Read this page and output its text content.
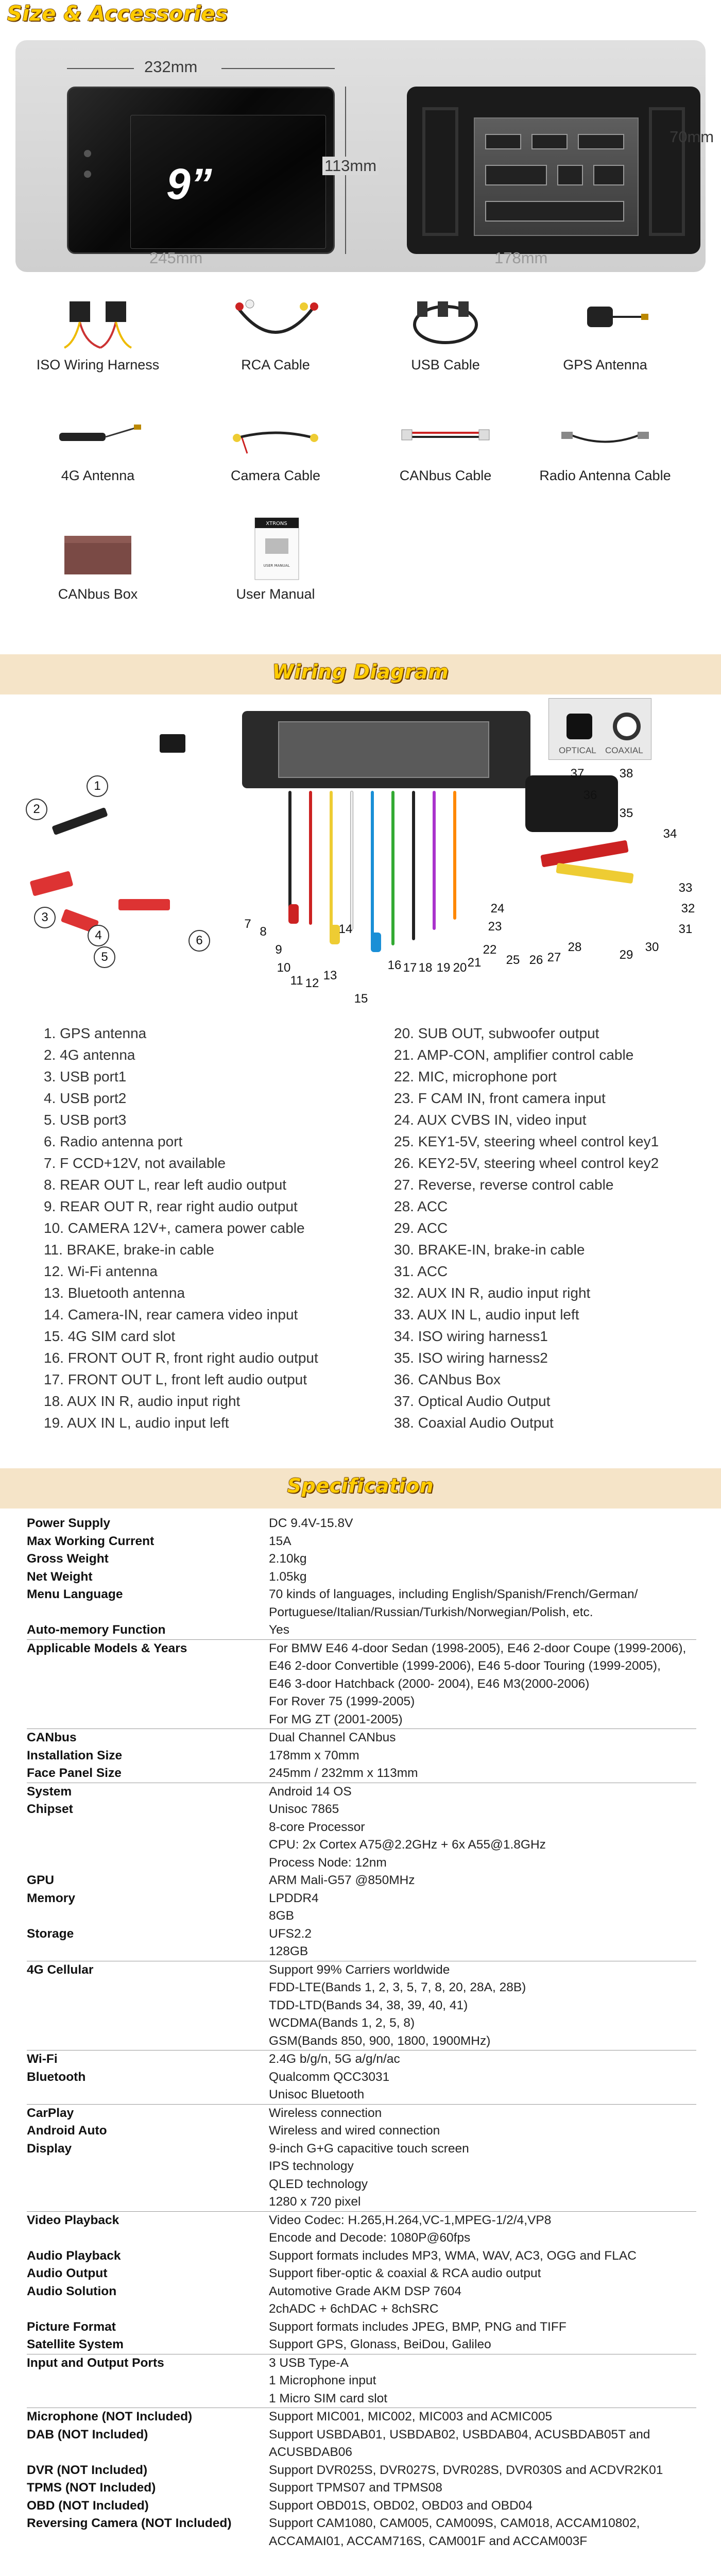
Size & Accessories
232mm
9”	113mm
245mm
70mm
178mm
ISO Wiring Harness	RCA Cable	USB Cable	GPS Antenna
4G Antenna	Camera Cable	CANbus Cable	Radio Antenna Cable
CANbus Box
XTRONS
USER MANUAL
User Manual
Wiring Diagram
OPTICAL COAXIAL
1
2
3
4
5
6
7
8
9
10
11 12
13
14
15
16 17 18 19 20 21
22
23
24
25 26 27
28
29
30
31
32
33
34
35
36
37	38
1. GPS antenna
2. 4G antenna
3. USB port1
4. USB port2
5. USB port3
6. Radio antenna port
7. F CCD+12V, not available
8. REAR OUT L, rear left audio output
9. REAR OUT R, rear right audio output
10. CAMERA 12V+, camera power cable
11. BRAKE, brake-in cable
12. Wi-Fi antenna
13. Bluetooth antenna
14. Camera-IN, rear camera video input
15. 4G SIM card slot
16. FRONT OUT R, front right audio output
17. FRONT OUT L, front left audio output
18. AUX IN R, audio input right
19. AUX IN L, audio input left
20. SUB OUT, subwoofer output
21. AMP-CON, amplifier control cable
22. MIC, microphone port
23. F CAM IN, front camera input
24. AUX CVBS IN, video input
25. KEY1-5V, steering wheel control key1
26. KEY2-5V, steering wheel control key2
27. Reverse, reverse control cable
28. ACC
29. ACC
30. BRAKE-IN, brake-in cable
31. ACC
32. AUX IN R, audio input right
33. AUX IN L, audio input left
34. ISO wiring harness1
35. ISO wiring harness2
36. CANbus Box
37. Optical Audio Output
38. Coaxial Audio Output
Specification
Power Supply	DC 9.4V-15.8V
Max Working Current	15A
Gross Weight	2.10kg
Net Weight	1.05kg
Menu Language	70 kinds of languages, including English/Spanish/French/German/
Portuguese/Italian/Russian/Turkish/Norwegian/Polish, etc.
Auto-memory Function	Yes
Applicable Models & Years	For BMW E46 4-door Sedan (1998-2005), E46 2-door Coupe (1999-2006),
E46 2-door Convertible (1999-2006), E46 5-door Touring (1999-2005),
E46 3-door Hatchback (2000- 2004), E46 M3(2000-2006)
For Rover 75 (1999-2005)
For MG ZT (2001-2005)
CANbus	Dual Channel CANbus
Installation Size	178mm x 70mm
Face Panel Size	245mm / 232mm x 113mm
System	Android 14 OS
Chipset	Unisoc 7865
8-core Processor
CPU: 2x Cortex A75@2.2GHz + 6x A55@1.8GHz
Process Node: 12nm
GPU	ARM Mali-G57 @850MHz
Memory	LPDDR4
8GB
Storage	UFS2.2
128GB
4G Cellular	Support 99% Carriers worldwide
FDD-LTE(Bands 1, 2, 3, 5, 7, 8, 20, 28A, 28B)
TDD-LTD(Bands 34, 38, 39, 40, 41)
WCDMA(Bands 1, 2, 5, 8)
GSM(Bands 850, 900, 1800, 1900MHz)
Wi-Fi	2.4G b/g/n, 5G a/g/n/ac
Bluetooth	Qualcomm QCC3031
Unisoc Bluetooth
CarPlay	Wireless connection
Android Auto	Wireless and wired connection
Display	9-inch G+G capacitive touch screen
IPS technology
QLED technology
1280 x 720 pixel
Video Playback	Video Codec: H.265,H.264,VC-1,MPEG-1/2/4,VP8
Encode and Decode: 1080P@60fps
Audio Playback	Support formats includes MP3, WMA, WAV, AC3, OGG and FLAC
Audio Output	Support fiber-optic & coaxial & RCA audio output
Audio Solution	Automotive Grade AKM DSP 7604
2chADC + 6chDAC + 8chSRC
Picture Format	Support formats includes JPEG, BMP, PNG and TIFF
Satellite System	Support GPS, Glonass, BeiDou, Galileo
Input and Output Ports	3 USB Type-A
1 Microphone input
1 Micro SIM card slot
Microphone (NOT Included)	Support MIC001, MIC002, MIC003 and ACMIC005
DAB (NOT Included)	Support USBDAB01, USBDAB02, USBDAB04, ACUSBDAB05T and
ACUSBDAB06
DVR (NOT Included)	Support DVR025S, DVR027S, DVR028S, DVR030S and ACDVR2K01
TPMS (NOT Included)	Support TPMS07 and TPMS08
OBD (NOT Included)	Support OBD01S, OBD02, OBD03 and OBD04
Reversing Camera (NOT Included)	Support CAM1080, CAM005, CAM009S, CAM018, ACCAM10802,
ACCAMAI01, ACCAM716S, CAM001F and ACCAM003F
